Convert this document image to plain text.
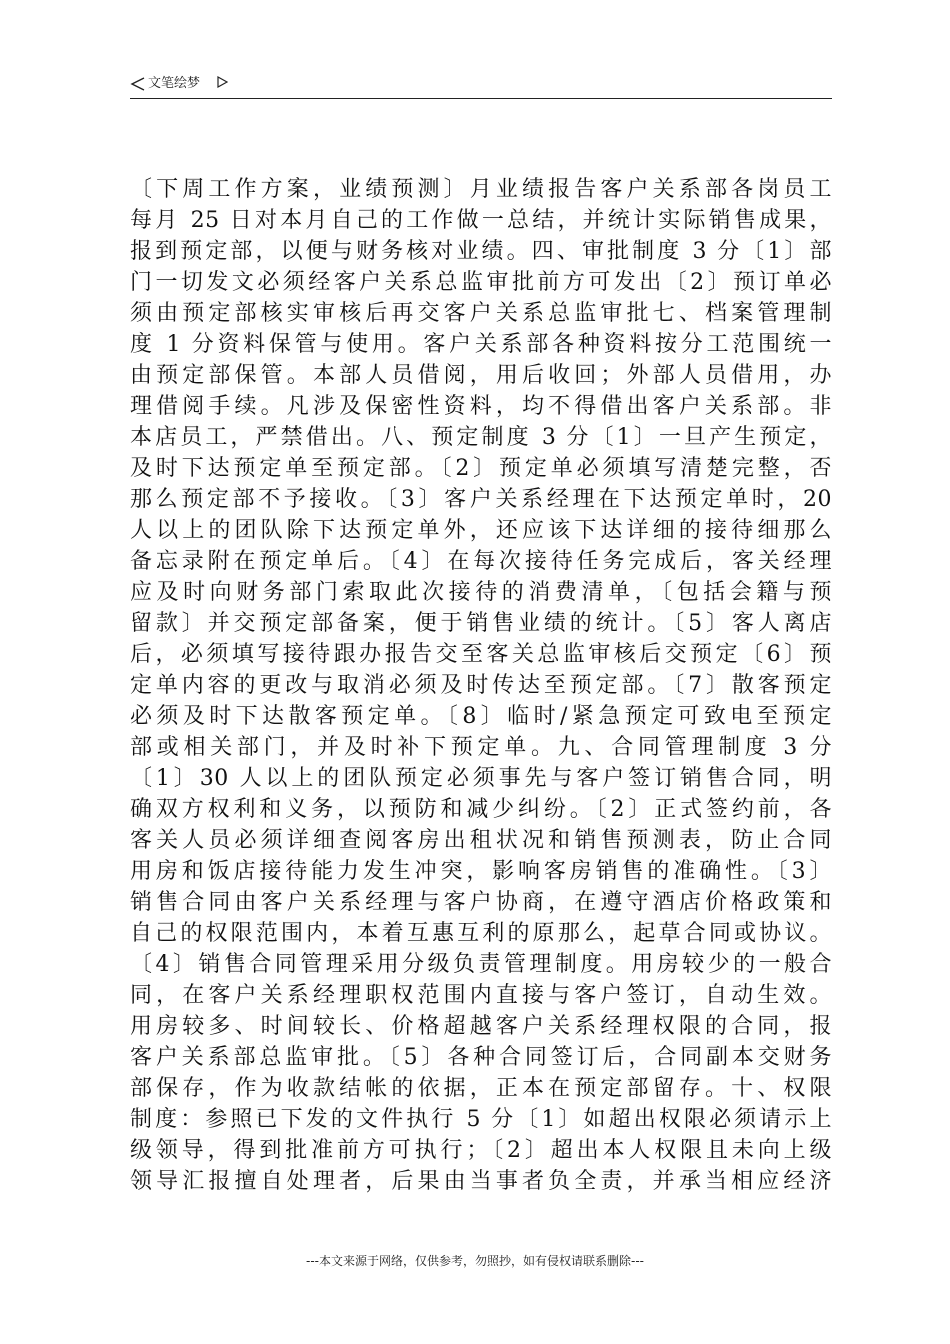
文笔绘梦
〔下周工作方案，业绩预测〕月业绩报告客户关系部各岗员工
每月 25 日对本月自己的工作做一总结，并统计实际销售成果，
报到预定部，以便与财务核对业绩。四、审批制度 3 分〔1〕部
门一切发文必须经客户关系总监审批前方可发出〔2〕预订单必
须由预定部核实审核后再交客户关系总监审批七、档案管理制
度 1 分资料保管与使用。客户关系部各种资料按分工范围统一
由预定部保管。本部人员借阅，用后收回；外部人员借用，办
理借阅手续。凡涉及保密性资料，均不得借出客户关系部。非
本店员工，严禁借出。八、预定制度 3 分〔1〕一旦产生预定，
及时下达预定单至预定部。〔2〕预定单必须填写清楚完整，否
那么预定部不予接收。〔3〕客户关系经理在下达预定单时，20
人以上的团队除下达预定单外，还应该下达详细的接待细那么
备忘录附在预定单后。〔4〕在每次接待任务完成后，客关经理
应及时向财务部门索取此次接待的消费清单，〔包括会籍与预
留款〕并交预定部备案，便于销售业绩的统计。〔5〕客人离店
后，必须填写接待跟办报告交至客关总监审核后交预定〔6〕预
定单内容的更改与取消必须及时传达至预定部。〔7〕散客预定
必须及时下达散客预定单。〔8〕临时/紧急预定可致电至预定
部或相关部门，并及时补下预定单。九、合同管理制度 3 分
〔1〕30 人以上的团队预定必须事先与客户签订销售合同，明
确双方权利和义务，以预防和减少纠纷。〔2〕正式签约前，各
客关人员必须详细查阅客房出租状况和销售预测表，防止合同
用房和饭店接待能力发生冲突，影响客房销售的准确性。〔3〕
销售合同由客户关系经理与客户协商，在遵守酒店价格政策和
自己的权限范围内，本着互惠互利的原那么，起草合同或协议。
〔4〕销售合同管理采用分级负责管理制度。用房较少的一般合
同，在客户关系经理职权范围内直接与客户签订，自动生效。
用房较多、时间较长、价格超越客户关系经理权限的合同，报
客户关系部总监审批。〔5〕各种合同签订后，合同副本交财务
部保存，作为收款结帐的依据，正本在预定部留存。十、权限
制度：参照已下发的文件执行 5 分〔1〕如超出权限必须请示上
级领导，得到批准前方可执行；〔2〕超出本人权限且未向上级
领导汇报擅自处理者，后果由当事者负全责，并承当相应经济
---本文来源于网络，仅供参考，勿照抄，如有侵权请联系删除---
